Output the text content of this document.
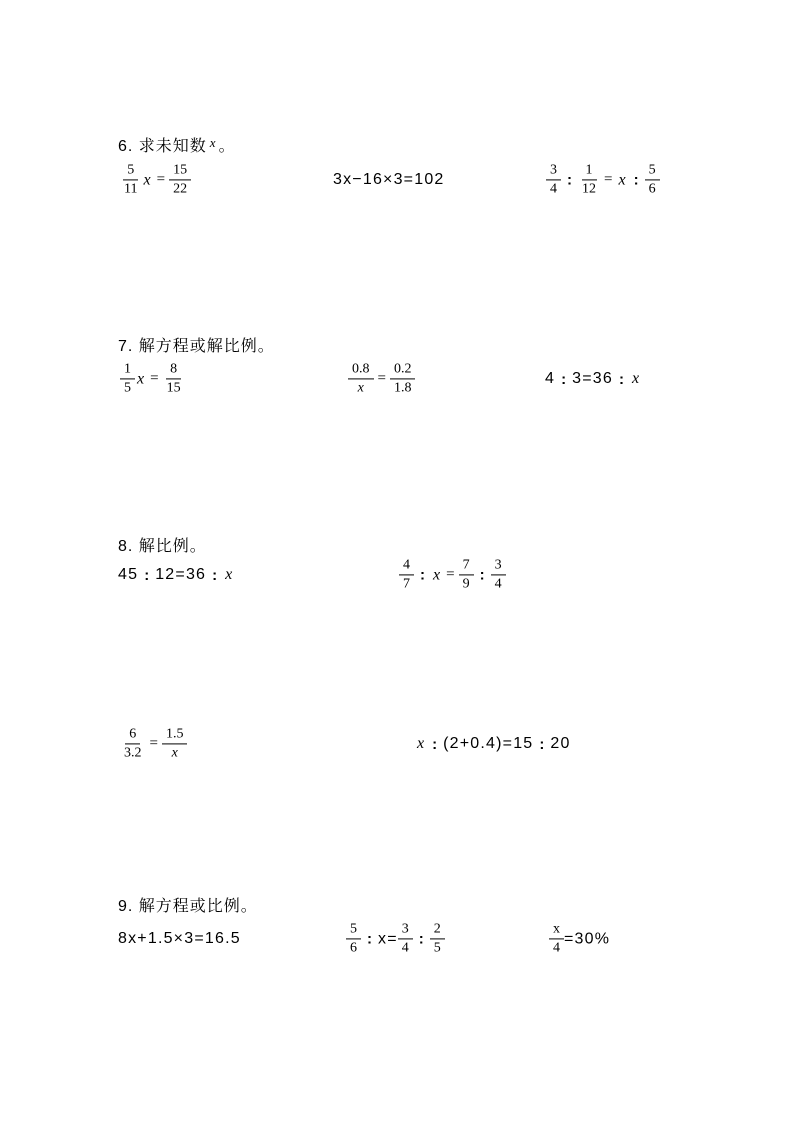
6. 求未知数 x 。
$\frac{5}{11}$ $x = \frac{15}{22}$	3x−16×3=102	$\frac{3}{4}$ : $\frac{1}{12} = x$ : $\frac{5}{6}$
7. 解方程或解比例。
$\frac{1}{5}$ $x = \frac{8}{15}$	$\frac{0.8}{x} = \frac{0.2}{1.8}$	4 : 3=36 : x
8. 解比例。
45 : 12=36 : x	$\frac{4}{7}$ : $x = \frac{7}{9}$ : $\frac{3}{4}$
$\frac{6}{3.2} = \frac{1.5}{x}$	x : (2+0.4) =15 : 20
9. 解方程或比例。
8x+1.5×3=16.5	$\frac{5}{6}$ : $x= \frac{3}{4}$ : $\frac{2}{5}$	$\frac{x}{4} =30\%$
